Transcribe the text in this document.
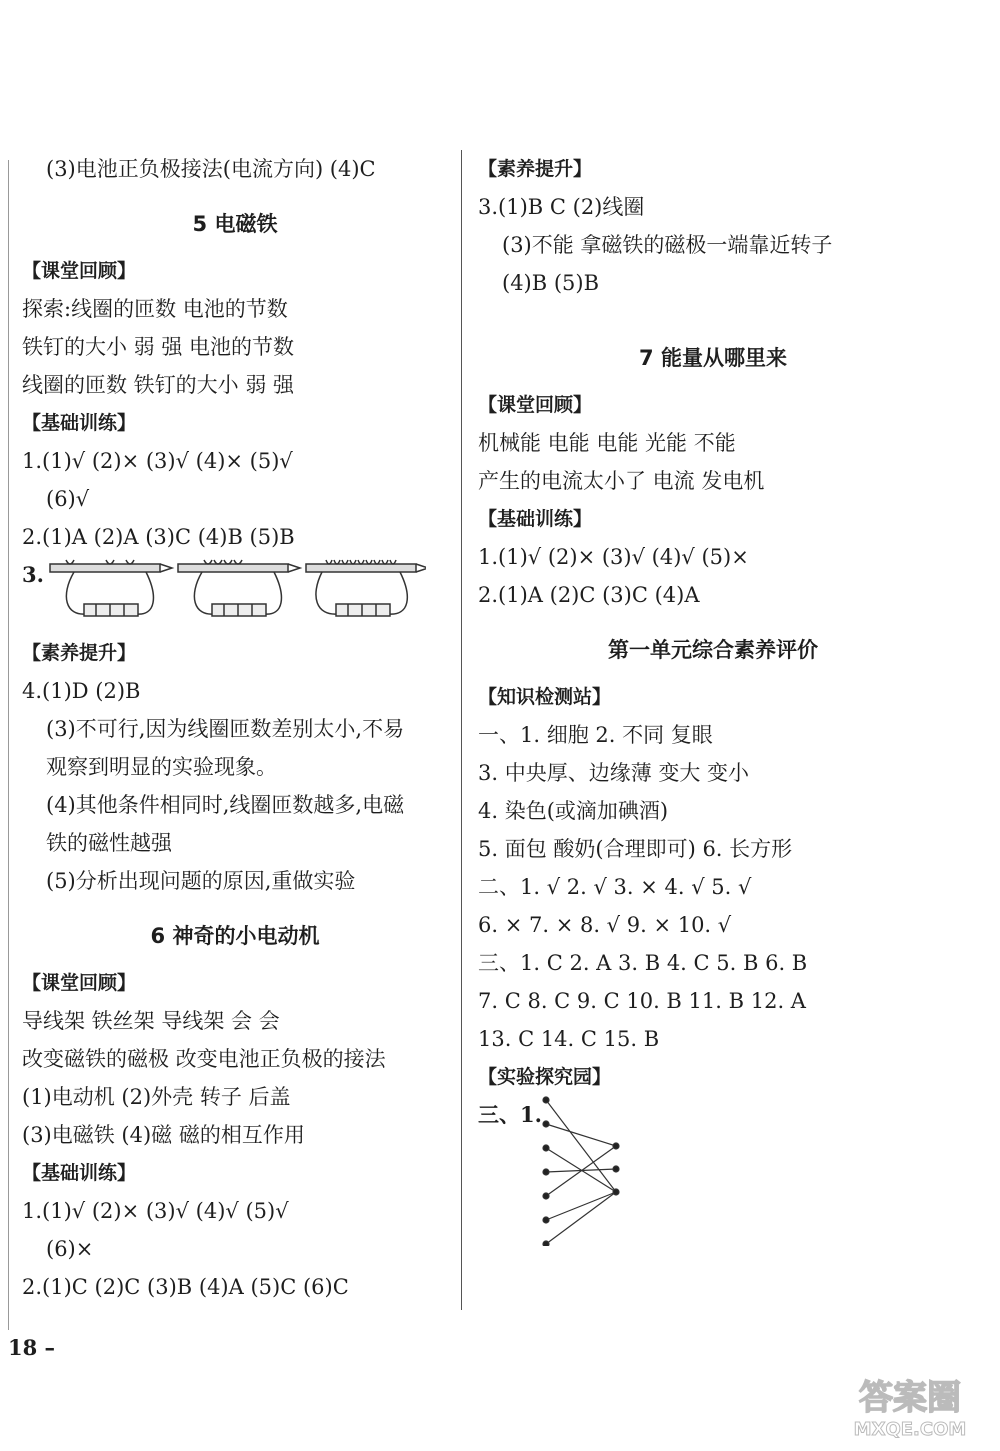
(3)电池正负极接法(电流方向) (4)C
5 电磁铁
【课堂回顾】
探索:线圈的匝数 电池的节数
铁钉的大小 弱 强 电池的节数
线圈的匝数 铁钉的大小 弱 强
【基础训练】
1.(1)√ (2)× (3)√ (4)× (5)√
(6)√
2.(1)A (2)A (3)C (4)B (5)B
3.
【素养提升】
4.(1)D (2)B
(3)不可行,因为线圈匝数差别太小,不易
观察到明显的实验现象。
(4)其他条件相同时,线圈匝数越多,电磁
铁的磁性越强
(5)分析出现问题的原因,重做实验
6 神奇的小电动机
【课堂回顾】
导线架 铁丝架 导线架 会 会
改变磁铁的磁极 改变电池正负极的接法
(1)电动机 (2)外壳 转子 后盖
(3)电磁铁 (4)磁 磁的相互作用
【基础训练】
1.(1)√ (2)× (3)√ (4)√ (5)√
(6)×
2.(1)C (2)C (3)B (4)A (5)C (6)C
【素养提升】
3.(1)B C (2)线圈
(3)不能 拿磁铁的磁极一端靠近转子
(4)B (5)B
7 能量从哪里来
【课堂回顾】
机械能 电能 电能 光能 不能
产生的电流太小了 电流 发电机
【基础训练】
1.(1)√ (2)× (3)√ (4)√ (5)×
2.(1)A (2)C (3)C (4)A
第一单元综合素养评价
【知识检测站】
一、1. 细胞 2. 不同 复眼
3. 中央厚、边缘薄 变大 变小
4. 染色(或滴加碘酒)
5. 面包 酸奶(合理即可) 6. 长方形
二、1. √ 2. √ 3. × 4. √ 5. √
6. × 7. × 8. √ 9. × 10. √
三、1. C 2. A 3. B 4. C 5. B 6. B
7. C 8. C 9. C 10. B 11. B 12. A
13. C 14. C 15. B
【实验探究园】
三、1.
18 –
答案圈
MXQE.COM
